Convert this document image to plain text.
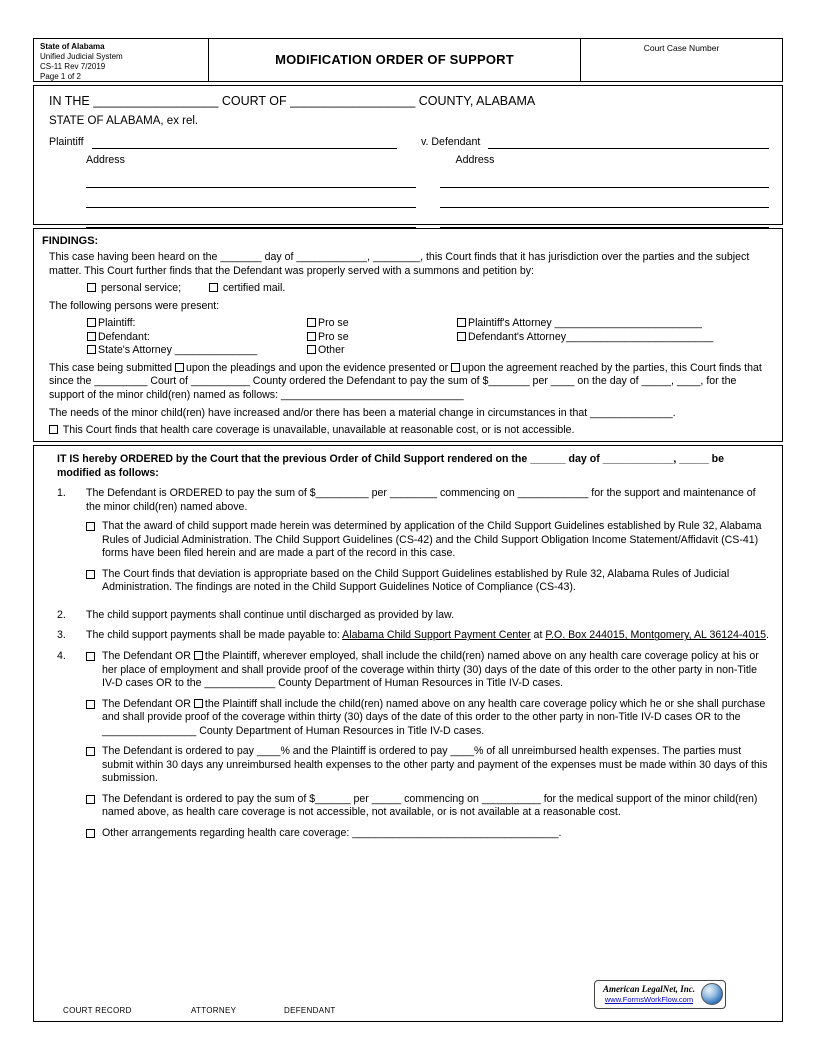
State of Alabama
Unified Judicial System
CS-11 Rev 7/2019
Page 1 of 2
MODIFICATION ORDER OF SUPPORT
Court Case Number
IN THE __________________ COURT OF __________________ COUNTY, ALABAMA
STATE OF ALABAMA, ex rel.
Plaintiff	v. Defendant
Address	Address
FINDINGS:

This case having been heard on the _______ day of ____________, ________, this Court finds that it has jurisdiction over the parties and the subject matter. This Court further finds that the Defendant was properly served with a summons and petition by:

personal service;	certified mail.

The following persons were present:

Plaintiff:	Pro se	Plaintiff's Attorney _________________________
Defendant:	Pro se	Defendant's Attorney_________________________
State's Attorney ______________	Other

This case being submitted upon the pleadings and upon the evidence presented or upon the agreement reached by the parties, this Court finds that since the _________ Court of __________ County ordered the Defendant to pay the sum of $_______ per ____ on the day of _____, ____, for the support of the minor child(ren) named as follows: _______________________________

The needs of the minor child(ren) have increased and/or there has been a material change in circumstances in that ______________.

This Court finds that health care coverage is unavailable, unavailable at reasonable cost, or is not accessible.

IT IS hereby ORDERED by the Court that the previous Order of Child Support rendered on the ______ day of ____________, _____ be modified as follows:

1.	The Defendant is ORDERED to pay the sum of $_________ per ________ commencing on ____________ for the support and maintenance of the minor child(ren) named above.

That the award of child support made herein was determined by application of the Child Support Guidelines established by Rule 32, Alabama Rules of Judicial Administration. The Child Support Guidelines (CS-42) and the Child Support Obligation Income Statement/Affidavit (CS-41) forms have been filed herein and are made a part of the record in this case.
The Court finds that deviation is appropriate based on the Child Support Guidelines established by Rule 32, Alabama Rules of Judicial Administration. The findings are noted in the Child Support Guidelines Notice of Compliance (CS-43).
2.	The child support payments shall continue until discharged as provided by law.

3.	The child support payments shall be made payable to: Alabama Child Support Payment Center at P.O. Box 244015, Montgomery, AL 36124-4015.

4.	The Defendant OR the Plaintiff, wherever employed, shall include the child(ren) named above on any health care coverage policy at his or her place of employment and shall provide proof of the coverage within thirty (30) days of the date of this order to the other party in non-Title IV-D cases OR to the ____________ County Department of Human Resources in Title IV-D cases.
The Defendant OR the Plaintiff shall include the child(ren) named above on any health care coverage policy which he or she shall purchase and shall provide proof of the coverage within thirty (30) days of the date of this order to the other party in non-Title IV-D cases OR to the ________________ County Department of Human Resources in Title IV-D cases.
The Defendant is ordered to pay ____% and the Plaintiff is ordered to pay ____% of all unreimbursed health expenses. The parties must submit within 30 days any unreimbursed health expenses to the other party and payment of the expenses must be made within 30 days of this submission.
The Defendant is ordered to pay the sum of $______ per _____ commencing on __________ for the medical support of the minor child(ren) named above, as health care coverage is not accessible, not available, or is not available at a reasonable cost.
Other arrangements regarding health care coverage: ___________________________________.
American LegalNet, Inc.
www.FormsWorkFlow.com
COURT RECORD	ATTORNEY	DEFENDANT
